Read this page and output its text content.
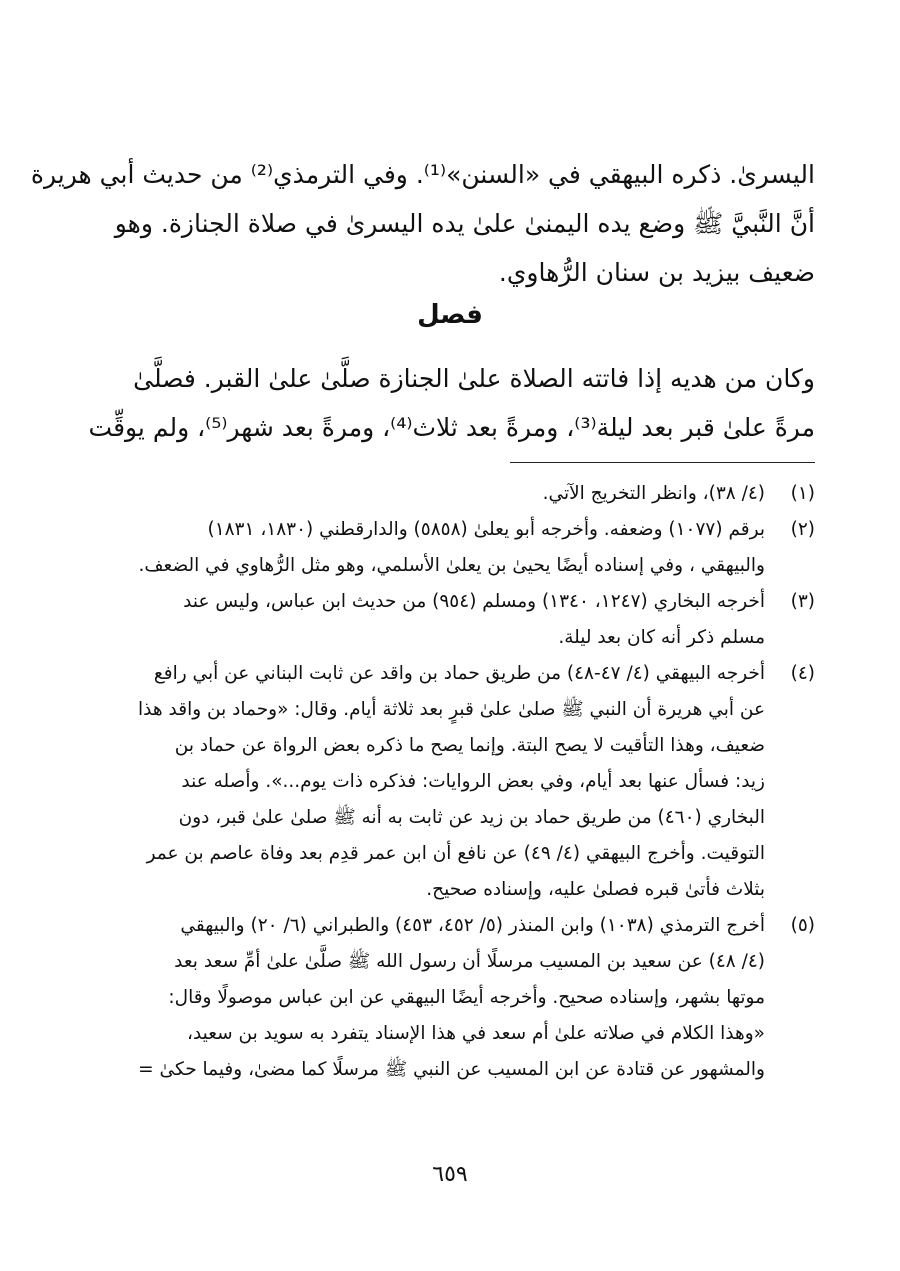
اليسرىٰ. ذكره البيهقي في «السنن»⁽¹⁾. وفي الترمذي⁽²⁾ من حديث أبي هريرة
أنَّ النَّبيَّ ﷺ وضع يده اليمنىٰ علىٰ يده اليسرىٰ في صلاة الجنازة. وهو
ضعيف بيزيد بن سنان الرُّهاوي.
فصل
وكان من هديه إذا فاتته الصلاة علىٰ الجنازة صلَّىٰ علىٰ القبر. فصلَّىٰ
مرةً علىٰ قبر بعد ليلة⁽³⁾، ومرةً بعد ثلاث⁽⁴⁾، ومرةً بعد شهر⁽⁵⁾، ولم يوقِّت
(١)
(٤/ ٣٨)، وانظر التخريج الآتي.
(٢)
برقم (١٠٧٧) وضعفه. وأخرجه أبو يعلىٰ (٥٨٥٨) والدارقطني (١٨٣٠، ١٨٣١)
والبيهقي ، وفي إسناده أيضًا يحيىٰ بن يعلىٰ الأسلمي، وهو مثل الرُّهاوي في الضعف.
(٣)
أخرجه البخاري (١٢٤٧، ١٣٤٠) ومسلم (٩٥٤) من حديث ابن عباس، وليس عند
مسلم ذكر أنه كان بعد ليلة.
(٤)
أخرجه البيهقي (٤/ ٤٧-٤٨) من طريق حماد بن واقد عن ثابت البناني عن أبي رافع
عن أبي هريرة أن النبي ﷺ صلىٰ علىٰ قبرٍ بعد ثلاثة أيام. وقال: «وحماد بن واقد هذا
ضعيف، وهذا التأقيت لا يصح البتة. وإنما يصح ما ذكره بعض الرواة عن حماد بن
زيد: فسأل عنها بعد أيام، وفي بعض الروايات: فذكره ذات يوم...». وأصله عند
البخاري (٤٦٠) من طريق حماد بن زيد عن ثابت به أنه ﷺ صلىٰ علىٰ قبر، دون
التوقيت. وأخرج البيهقي (٤/ ٤٩) عن نافع أن ابن عمر قدِم بعد وفاة عاصم بن عمر
بثلاث فأتىٰ قبره فصلىٰ عليه، وإسناده صحيح.
(٥)
أخرج الترمذي (١٠٣٨) وابن المنذر (٥/ ٤٥٢، ٤٥٣) والطبراني (٦/ ٢٠) والبيهقي
(٤/ ٤٨) عن سعيد بن المسيب مرسلًا أن رسول الله ﷺ صلَّىٰ علىٰ أمِّ سعد بعد
موتها بشهر، وإسناده صحيح. وأخرجه أيضًا البيهقي عن ابن عباس موصولًا وقال:
«وهذا الكلام في صلاته علىٰ أم سعد في هذا الإسناد يتفرد به سويد بن سعيد،
والمشهور عن قتادة عن ابن المسيب عن النبي ﷺ مرسلًا كما مضىٰ، وفيما حكىٰ =
٦٥٩
